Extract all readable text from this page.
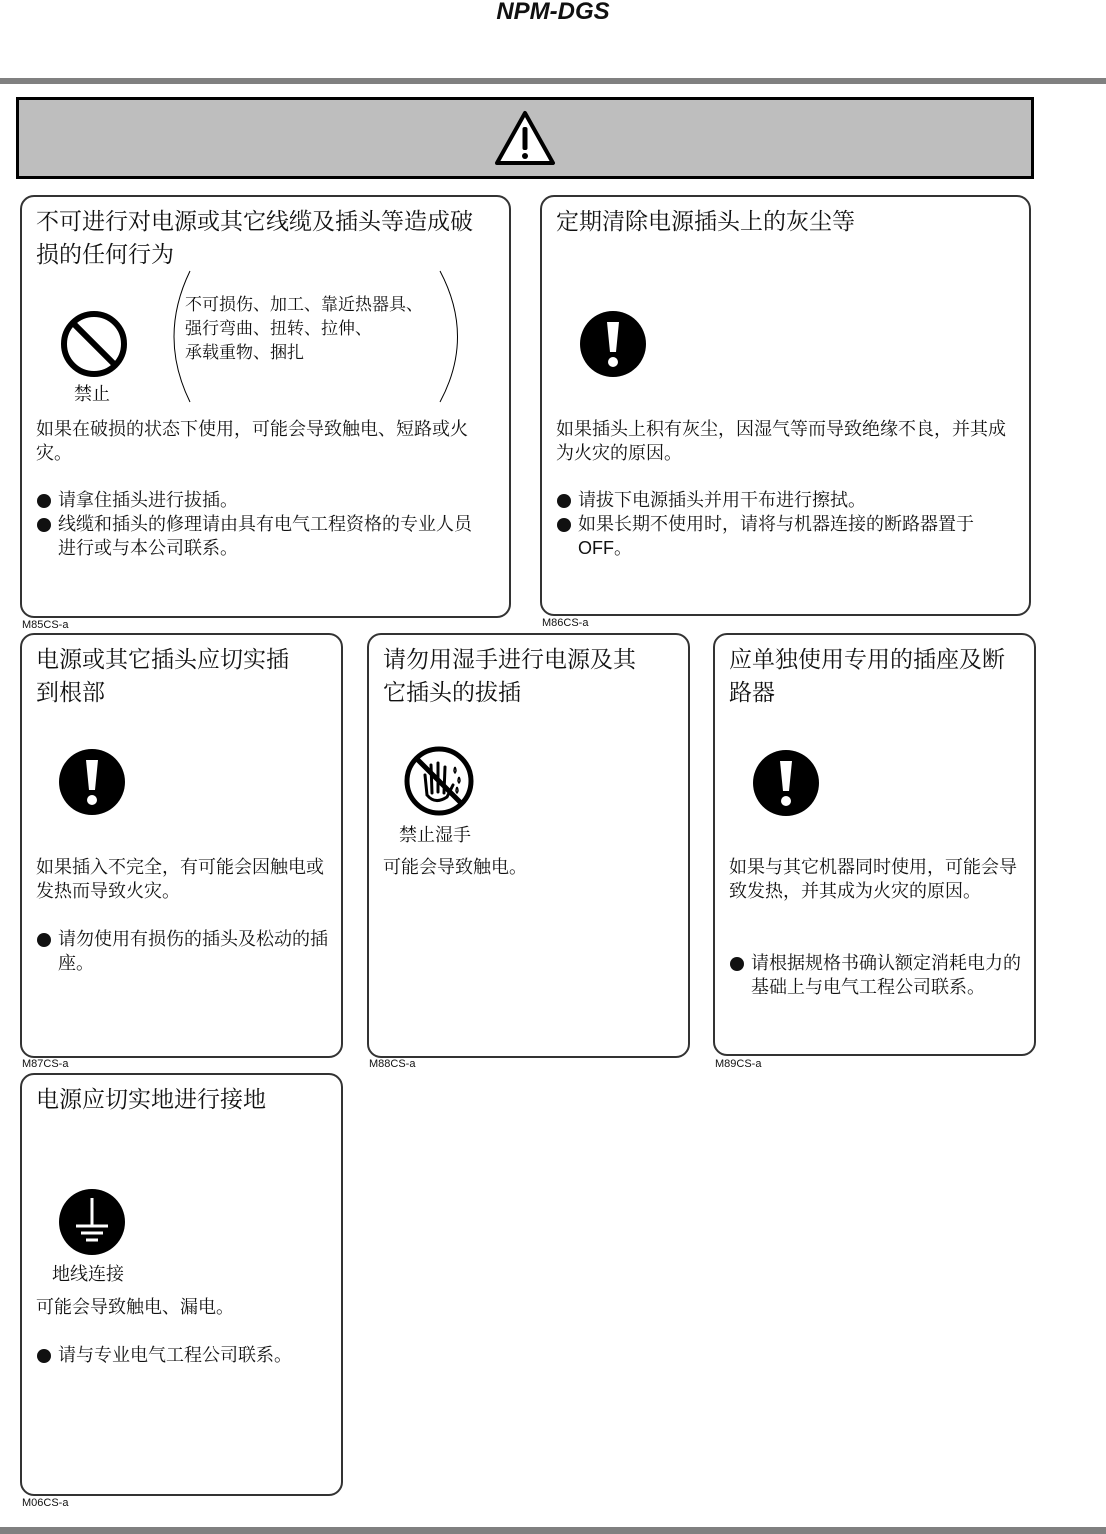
NPM-DGS
不可进行对电源或其它线缆及插头等造成破损的任何行为
禁止
不可损伤、加工、靠近热器具、
强行弯曲、扭转、拉伸、
承载重物、捆扎
如果在破损的状态下使用，可能会导致触电、短路或火灾。
请拿住插头进行拔插。
线缆和插头的修理请由具有电气工程资格的专业人员进行或与本公司联系。
M85CS-a
定期清除电源插头上的灰尘等
如果插头上积有灰尘，因湿气等而导致绝缘不良，并其成为火灾的原因。
请拔下电源插头并用干布进行擦拭。
如果长期不使用时，请将与机器连接的断路器置于OFF。
M86CS-a
电源或其它插头应切实插到根部
如果插入不完全，有可能会因触电或发热而导致火灾。
请勿使用有损伤的插头及松动的插座。
M87CS-a
请勿用湿手进行电源及其它插头的拔插
禁止湿手
可能会导致触电。
M88CS-a
应单独使用专用的插座及断路器
如果与其它机器同时使用，可能会导致发热，并其成为火灾的原因。
请根据规格书确认额定消耗电力的基础上与电气工程公司联系。
M89CS-a
电源应切实地进行接地
地线连接
可能会导致触电、漏电。
请与专业电气工程公司联系。
M06CS-a
